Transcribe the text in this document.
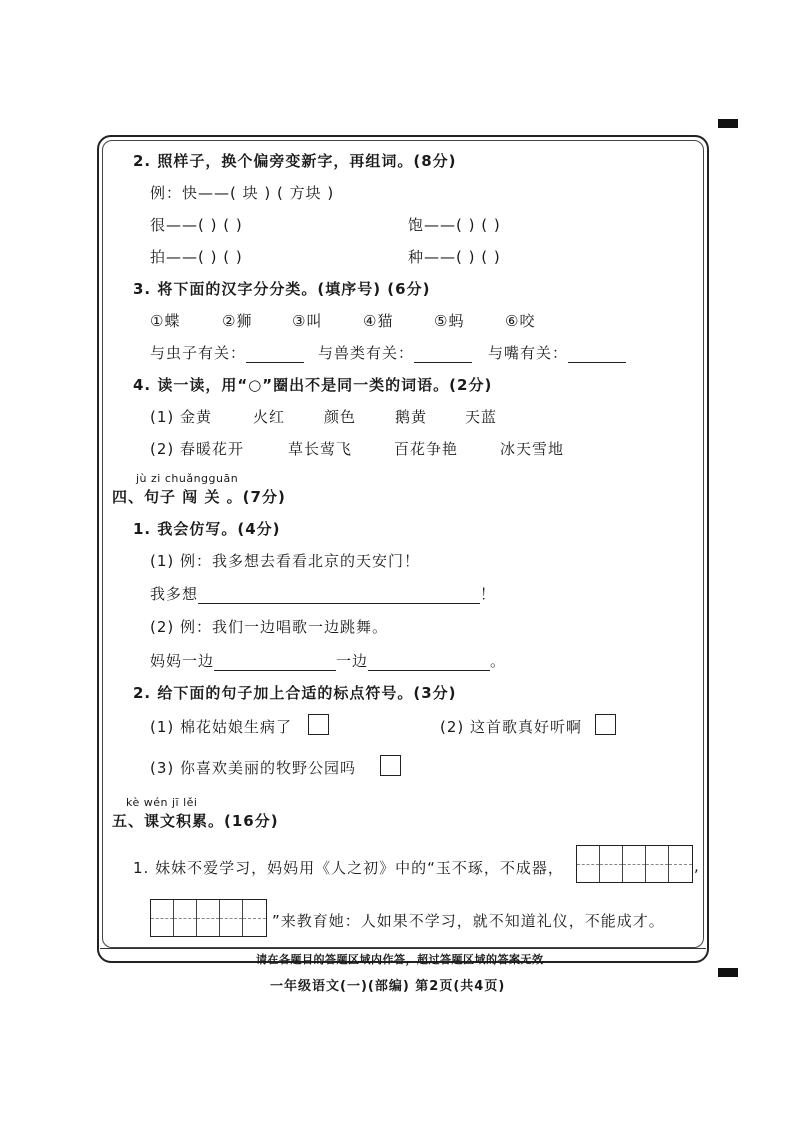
2. 照样子，换个偏旁变新字，再组词。(8分)
例：快——( 块 ) ( 方块 )
很——( ) ( )	饱——( ) ( )
拍——( ) ( )	种——( ) ( )
3. 将下面的汉字分分类。(填序号) (6分)
①蝶	②狮	③叫	④猫	⑤蚂	⑥咬
与虫子有关：	与兽类有关：	与嘴有关：
4. 读一读，用“○”圈出不是同一类的词语。(2分)
(1) 金黄	火红	颜色	鹅黄	天蓝
(2) 春暖花开	草长莺飞	百花争艳	冰天雪地
jù zi chuǎngguān
四、句子 闯 关 。(7分)
1. 我会仿写。(4分)
(1) 例：我多想去看看北京的天安门！
我多想	！
(2) 例：我们一边唱歌一边跳舞。
妈妈一边	一边	。
2. 给下面的句子加上合适的标点符号。(3分)
(1) 棉花姑娘生病了	(2) 这首歌真好听啊
(3) 你喜欢美丽的牧野公园吗
kè wén jī lěi
五、课文积累。(16分)
1. 妹妹不爱学习，妈妈用《人之初》中的“玉不琢，不成器，	,
”来教育她：人如果不学习，就不知道礼仪，不能成才。
请在各题目的答题区域内作答，超过答题区域的答案无效
一年级语文(一)(部编) 第2页(共4页)
